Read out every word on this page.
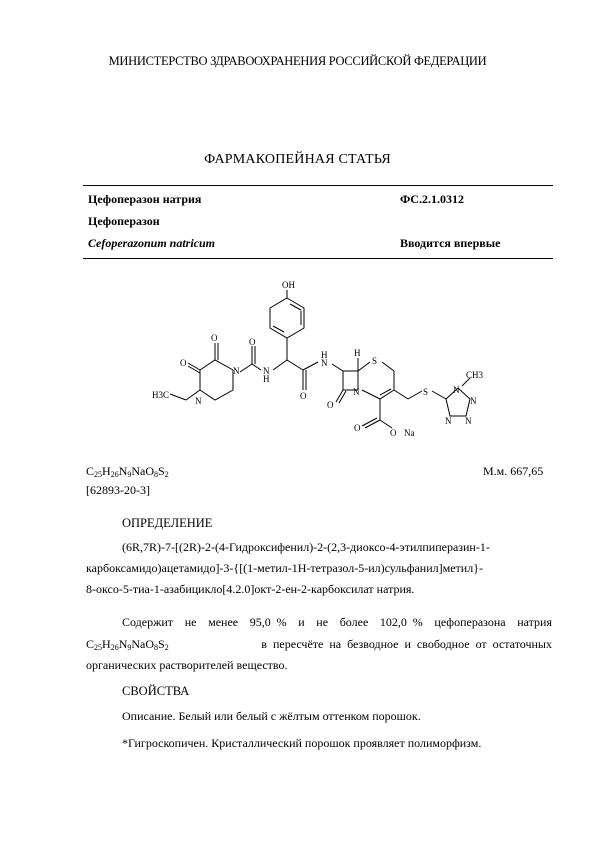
МИНИСТЕРСТВО ЗДРАВООХРАНЕНИЯ РОССИЙСКОЙ ФЕДЕРАЦИИ
ФАРМАКОПЕЙНАЯ СТАТЬЯ
Цефоперазон натрия	ФС.2.1.0312
Цефоперазон
Cefoperazonum natricum	Вводится впервые
OH
N
H
N
H
N
N
O
O
O
O
O
S
S
N
H3C
CH3
O	O Na
N
N
N
N
H
$C_{25}H_{26}N_9NaO_8S_2$	М.м. 667,65
[62893-20-3]
ОПРЕДЕЛЕНИЕ
(6R,7R)-7-[(2R)-2-(4-Гидроксифенил)-2-(2,3-диоксо-4-этилпиперазин-1-
карбоксамидо)ацетамидо]-3-{[(1-метил-1H-тетразол-5-ил)сульфанил]метил}-
8-оксо-5-тиа-1-азабицикло[4.2.0]окт-2-ен-2-карбоксилат натрия.
Содержит  не  менее  95,0 %  и  не  более  102,0 %  цефоперазона  натрия
$C_{25}H_{26}N_9NaO_8S_2$	в  пересчёте  на  безводное  и  свободное  от  остаточных
органических растворителей вещество.
СВОЙСТВА
Описание. Белый или белый с жёлтым оттенком порошок.
*Гигроскопичен. Кристаллический порошок проявляет полиморфизм.
